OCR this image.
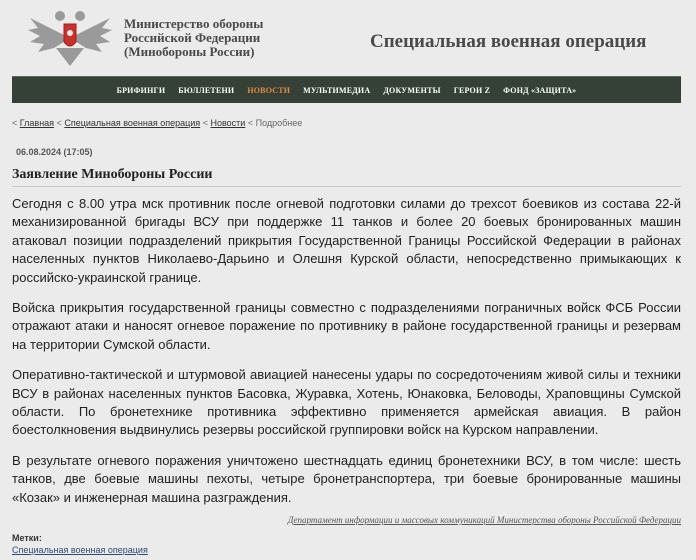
Министерство обороны
Российской Федерации
(Минобороны России)	Специальная военная операция
БРИФИНГИ БЮЛЛЕТЕНИ НОВОСТИ МУЛЬТИМЕДИА ДОКУМЕНТЫ ГЕРОИ Z ФОНД «ЗАЩИТА»
< Главная < Специальная военная операция < Новости < Подробнее
06.08.2024 (17:05)
Заявление Минобороны России

Сегодня с 8.00 утра мск противник после огневой подготовки силами до трехсот боевиков из состава 22-й механизированной бригады ВСУ при поддержке 11 танков и более 20 боевых бронированных машин атаковал позиции подразделений прикрытия Государственной Границы Российской Федерации в районах населенных пунктов Николаево-Дарьино и Олешня Курской области, непосредственно примыкающих к российско-украинской границе.

Войска прикрытия государственной границы совместно с подразделениями пограничных войск ФСБ России отражают атаки и наносят огневое поражение по противнику в районе государственной границы и резервам на территории Сумской области.

Оперативно-тактической и штурмовой авиацией нанесены удары по сосредоточениям живой силы и техники ВСУ в районах населенных пунктов Басовка, Журавка, Хотень, Юнаковка, Беловоды, Храповщины Сумской области. По бронетехнике противника эффективно применяется армейская авиация. В район боестолкновения выдвинулись резервы российской группировки войск на Курском направлении.

В результате огневого поражения уничтожено шестнадцать единиц бронетехники ВСУ, в том числе: шесть танков, две боевые машины пехоты, четыре бронетранспортера, три боевые бронированные машины «Козак» и инженерная машина разграждения.

Департамент информации и массовых коммуникаций Министерства обороны Российской Федерации
Метки:
Специальная военная операция
